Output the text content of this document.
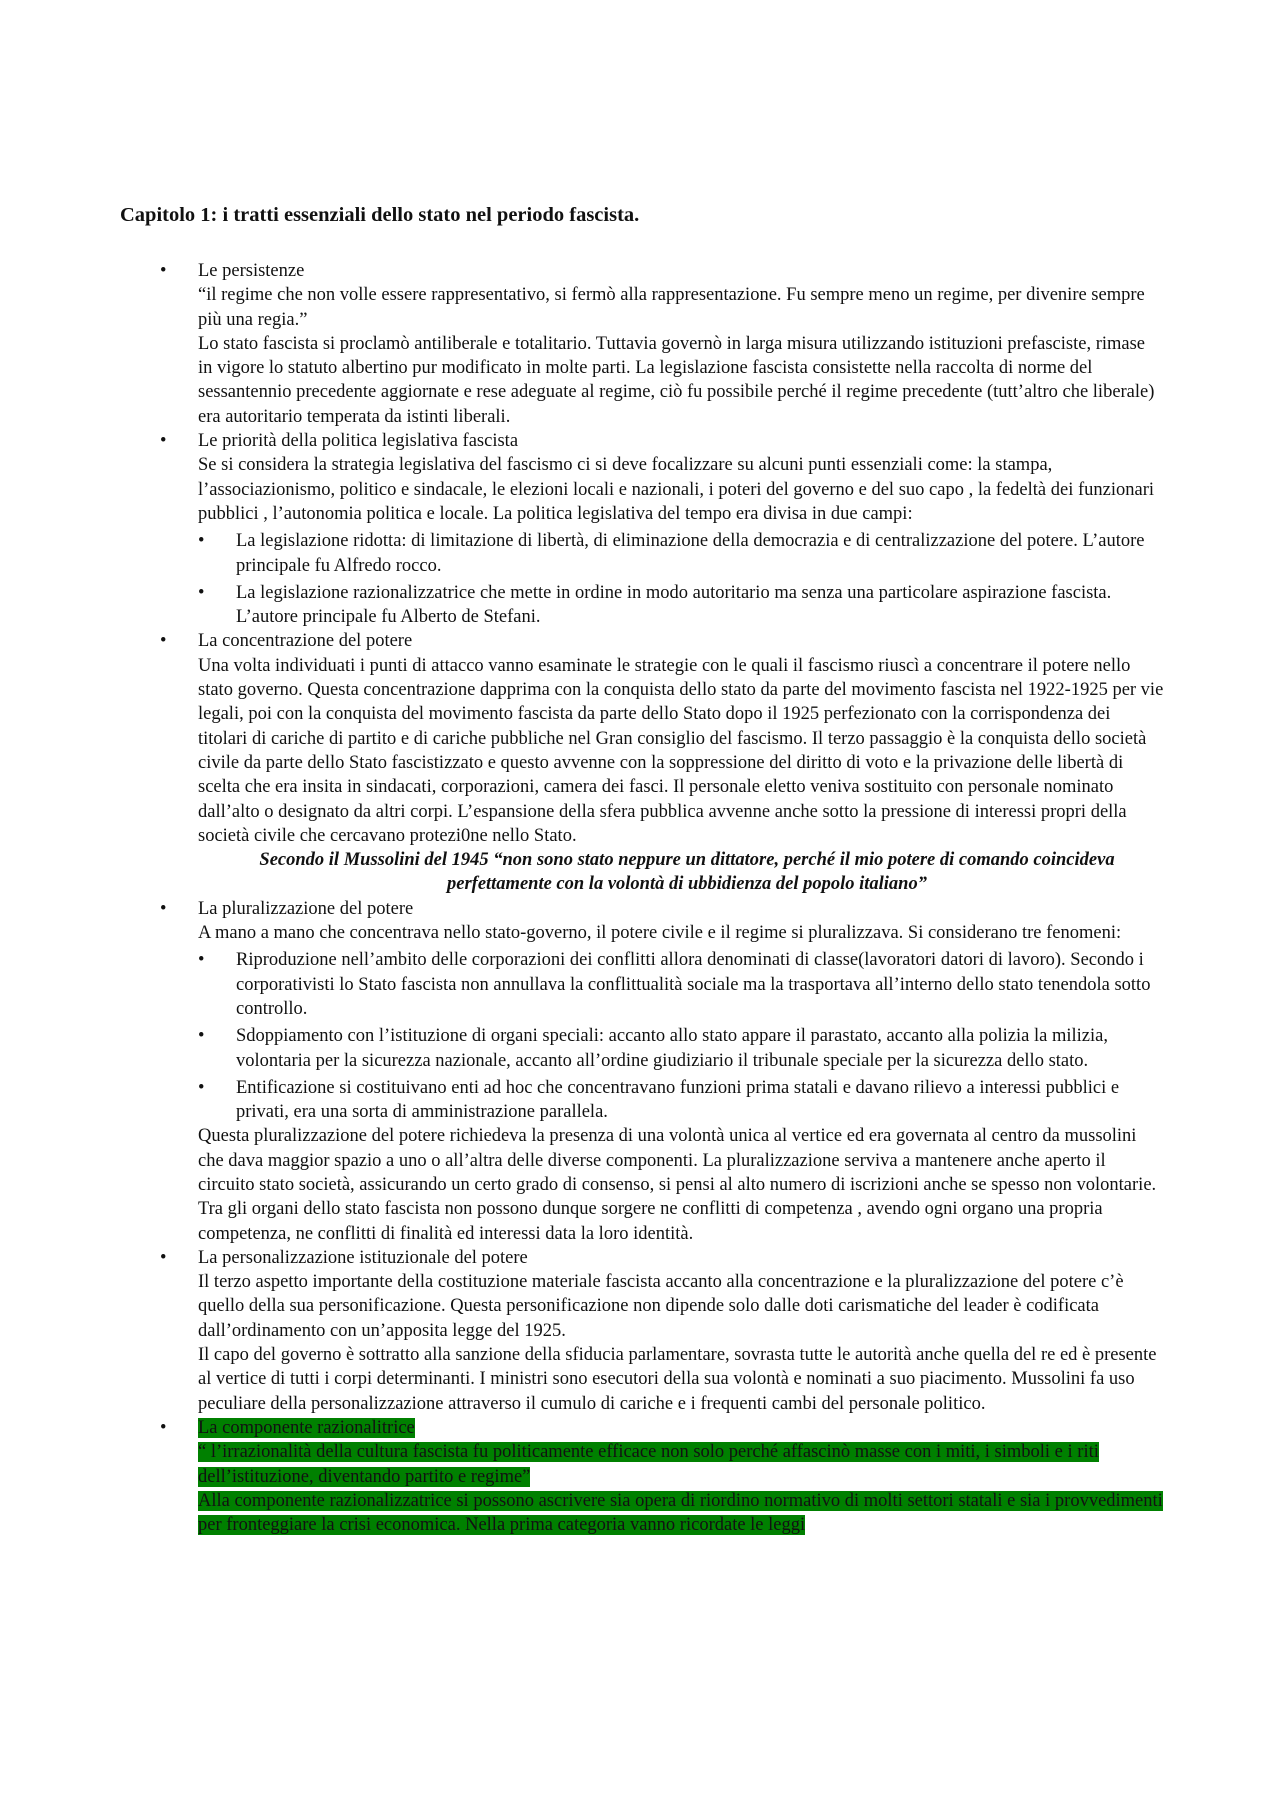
Capitolo 1: i tratti essenziali dello stato nel periodo fascista.
• Le persistenze

“il regime che non volle essere rappresentativo, si fermò alla rappresentazione. Fu sempre meno un regime, per divenire sempre più una regia.”

Lo stato fascista si proclamò antiliberale e totalitario. Tuttavia governò in larga misura utilizzando istituzioni prefasciste, rimase in vigore lo statuto albertino pur modificato in molte parti. La legislazione fascista consistette nella raccolta di norme del sessantennio precedente aggiornate e rese adeguate al regime, ciò fu possibile perché il regime precedente (tutt’altro che liberale) era autoritario temperata da istinti liberali.

• Le priorità della politica legislativa fascista

Se si considera la strategia legislativa del fascismo ci si deve focalizzare su alcuni punti essenziali come: la stampa, l’associazionismo, politico e sindacale, le elezioni locali e nazionali, i poteri del governo e del suo capo , la fedeltà dei funzionari pubblici , l’autonomia politica e locale. La politica legislativa del tempo era divisa in due campi:

• La legislazione ridotta: di limitazione di libertà, di eliminazione della democrazia e di centralizzazione del potere. L’autore principale fu Alfredo rocco.
• La legislazione razionalizzatrice che mette in ordine in modo autoritario ma senza una particolare aspirazione fascista. L’autore principale fu Alberto de Stefani.
• La concentrazione del potere

Una volta individuati i punti di attacco vanno esaminate le strategie con le quali il fascismo riuscì a concentrare il potere nello stato governo. Questa concentrazione dapprima con la conquista dello stato da parte del movimento fascista nel 1922-1925 per vie legali, poi con la conquista del movimento fascista da parte dello Stato dopo il 1925 perfezionato con la corrispondenza dei titolari di cariche di partito e di cariche pubbliche nel Gran consiglio del fascismo. Il terzo passaggio è la conquista dello società civile da parte dello Stato fascistizzato e questo avvenne con la soppressione del diritto di voto e la privazione delle libertà di scelta che era insita in sindacati, corporazioni, camera dei fasci. Il personale eletto veniva sostituito con personale nominato dall’alto o designato da altri corpi. L’espansione della sfera pubblica avvenne anche sotto la pressione di interessi propri della società civile che cercavano protezi0ne nello Stato.

Secondo il Mussolini del 1945 “non sono stato neppure un dittatore, perché il mio potere di comando coincideva perfettamente con la volontà di ubbidienza del popolo italiano”

• La pluralizzazione del potere

A mano a mano che concentrava nello stato-governo, il potere civile e il regime si pluralizzava. Si considerano tre fenomeni:

• Riproduzione nell’ambito delle corporazioni dei conflitti allora denominati di classe(lavoratori datori di lavoro). Secondo i corporativisti lo Stato fascista non annullava la conflittualità sociale ma la trasportava all’interno dello stato tenendola sotto controllo.
• Sdoppiamento con l’istituzione di organi speciali: accanto allo stato appare il parastato, accanto alla polizia la milizia, volontaria per la sicurezza nazionale, accanto all’ordine giudiziario il tribunale speciale per la sicurezza dello stato.
• Entificazione si costituivano enti ad hoc che concentravano funzioni prima statali e davano rilievo a interessi pubblici e privati, era una sorta di amministrazione parallela.

Questa pluralizzazione del potere richiedeva la presenza di una volontà unica al vertice ed era governata al centro da mussolini che dava maggior spazio a uno o all’altra delle diverse componenti. La pluralizzazione serviva a mantenere anche aperto il circuito stato società, assicurando un certo grado di consenso, si pensi al alto numero di iscrizioni anche se spesso non volontarie.

Tra gli organi dello stato fascista non possono dunque sorgere ne conflitti di competenza , avendo ogni organo una propria competenza, ne conflitti di finalità ed interessi data la loro identità.

• La personalizzazione istituzionale del potere

Il terzo aspetto importante della costituzione materiale fascista accanto alla concentrazione e la pluralizzazione del potere c’è quello della sua personificazione. Questa personificazione non dipende solo dalle doti carismatiche del leader è codificata dall’ordinamento con un’apposita legge del 1925.

Il capo del governo è sottratto alla sanzione della sfiducia parlamentare, sovrasta tutte le autorità anche quella del re ed è presente al vertice di tutti i corpi determinanti. I ministri sono esecutori della sua volontà e nominati a suo piacimento. Mussolini fa uso peculiare della personalizzazione attraverso il cumulo di cariche e i frequenti cambi del personale politico.

• La componente razionalitrice

“ l’irrazionalità della cultura fascista fu politicamente efficace non solo perché affascinò masse con i miti, i simboli e i riti dell’istituzione, diventando partito e regime”

Alla componente razionalizzatrice si possono ascrivere sia opera di riordino normativo di molti settori statali e sia i provvedimenti per fronteggiare la crisi economica. Nella prima categoria vanno ricordate le leggi
